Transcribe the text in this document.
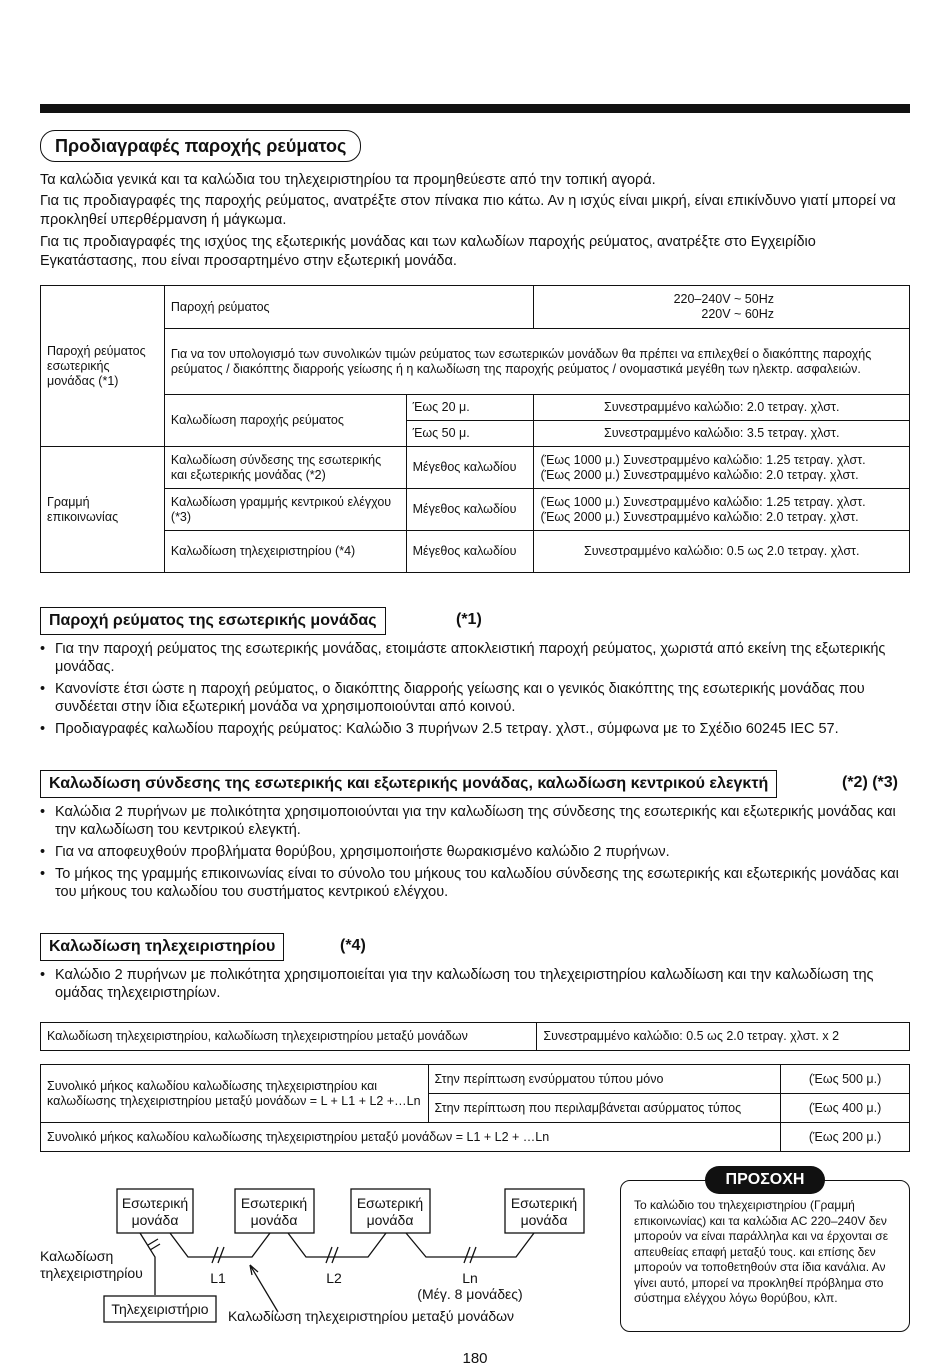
Προδιαγραφές παροχής ρεύματος

Τα καλώδια γενικά και τα καλώδια του τηλεχειριστηρίου τα προμηθεύεστε από την τοπική αγορά.

Για τις προδιαγραφές της παροχής ρεύματος, ανατρέξτε στον πίνακα πιο κάτω. Αν η ισχύς είναι μικρή, είναι επικίνδυνο γιατί μπορεί να προκληθεί υπερθέρμανση ή μάγκωμα.

Για τις προδιαγραφές της ισχύος της εξωτερικής μονάδας και των καλωδίων παροχής ρεύματος, ανατρέξτε στο Εγχειρίδιο Εγκατάστασης, που είναι προσαρτημένο στην εξωτερική μονάδα.

Παροχή ρεύματος εσωτερικής μονάδας (*1)	Παροχή ρεύματος		220–240V ~ 50Hz
220V ~ 60Hz

	Για να τον υπολογισμό των συνολικών τιμών ρεύματος των εσωτερικών μονάδων θα πρέπει να επιλεχθεί ο διακόπτης παροχής ρεύματος / διακόπτης διαρροής γείωσης ή η καλωδίωση της παροχής ρεύματος / ονομαστικά μεγέθη των ηλεκτρ. ασφαλειών.		
	Καλωδίωση παροχής ρεύματος	Έως 20 μ.	Συνεστραμμένο καλώδιο: 2.0 τετραγ. χλστ.
		Έως 50 μ.	Συνεστραμμένο καλώδιο: 3.5 τετραγ. χλστ.
Γραμμή επικοινωνίας	Καλωδίωση σύνδεσης της εσωτερικής και εξωτερικής μονάδας (*2)	Μέγεθος καλωδίου	(Έως 1000 μ.) Συνεστραμμένο καλώδιο: 1.25 τετραγ. χλστ.
(Έως 2000 μ.) Συνεστραμμένο καλώδιο: 2.0 τετραγ. χλστ.

	Καλωδίωση γραμμής κεντρικού ελέγχου (*3)	Μέγεθος καλωδίου	(Έως 1000 μ.) Συνεστραμμένο καλώδιο: 1.25 τετραγ. χλστ.
(Έως 2000 μ.) Συνεστραμμένο καλώδιο: 2.0 τετραγ. χλστ.

	Καλωδίωση τηλεχειριστηρίου (*4)	Μέγεθος καλωδίου	Συνεστραμμένο καλώδιο: 0.5 ως 2.0 τετραγ. χλστ.
Παροχή ρεύματος της εσωτερικής μονάδας	(*1)
• Για την παροχή ρεύματος της εσωτερικής μονάδας, ετοιμάστε αποκλειστική παροχή ρεύματος, χωριστά από εκείνη της εξωτερικής μονάδας.
• Κανονίστε έτσι ώστε η παροχή ρεύματος, ο διακόπτης διαρροής γείωσης και ο γενικός διακόπτης της εσωτερικής μονάδας που συνδέεται στην ίδια εξωτερική μονάδα να χρησιμοποιούνται από κοινού.
• Προδιαγραφές καλωδίου παροχής ρεύματος: Καλώδιο 3 πυρήνων 2.5 τετραγ. χλστ., σύμφωνα με το Σχέδιο 60245 IEC 57.
Καλωδίωση σύνδεσης της εσωτερικής και εξωτερικής μονάδας, καλωδίωση κεντρικού ελεγκτή	(*2) (*3)
• Καλώδια 2 πυρήνων με πολικότητα χρησιμοποιούνται για την καλωδίωση της σύνδεσης της εσωτερικής και εξωτερικής μονάδας και την καλωδίωση του κεντρικού ελεγκτή.
• Για να αποφευχθούν προβλήματα θορύβου, χρησιμοποιήστε θωρακισμένο καλώδιο 2 πυρήνων.
• Το μήκος της γραμμής επικοινωνίας είναι το σύνολο του μήκους του καλωδίου σύνδεσης της εσωτερικής και εξωτερικής μονάδας και του μήκους του καλωδίου του συστήματος κεντρικού ελέγχου.
Καλωδίωση τηλεχειριστηρίου	(*4)
• Καλώδιο 2 πυρήνων με πολικότητα χρησιμοποιείται για την καλωδίωση του τηλεχειριστηρίου καλωδίωση και την καλωδίωση της ομάδας τηλεχειριστηρίων.
Καλωδίωση τηλεχειριστηρίου, καλωδίωση τηλεχειριστηρίου μεταξύ μονάδων	Συνεστραμμένο καλώδιο: 0.5 ως 2.0 τετραγ. χλστ. x 2
Συνολικό μήκος καλωδίου καλωδίωσης τηλεχειριστηρίου και καλωδίωσης τηλεχειριστηρίου μεταξύ μονάδων = L + L1 + L2 +…Ln	Στην περίπτωση ενσύρματου τύπου μόνο	(Έως 500 μ.)
	Στην περίπτωση που περιλαμβάνεται ασύρματος τύπος	(Έως 400 μ.)
Συνολικό μήκος καλωδίου καλωδίωσης τηλεχειριστηρίου μεταξύ μονάδων = L1 + L2 + …Ln		(Έως 200 μ.)
Εσωτερική
μονάδα
Εσωτερική
μονάδα
Εσωτερική
μονάδα
Εσωτερική
μονάδα
Καλωδίωση
τηλεχειριστηρίου
Τηλεχειριστήριο
L1	L2	Ln
(Μέγ. 8 μονάδες)
Καλωδίωση τηλεχειριστηρίου μεταξύ μονάδων
ΠΡΟΣΟΧΗ

Το καλώδιο του τηλεχειριστηρίου (Γραμμή επικοινωνίας) και τα καλώδια AC 220–240V δεν μπορούν να είναι παράλληλα και να έρχονται σε απευθείας επαφή μεταξύ τους. και επίσης δεν μπορούν να τοποθετηθούν στα ίδια κανάλια. Αν γίνει αυτό, μπορεί να προκληθεί πρόβλημα στο σύστημα ελέγχου λόγω θορύβου, κλπ.

180
